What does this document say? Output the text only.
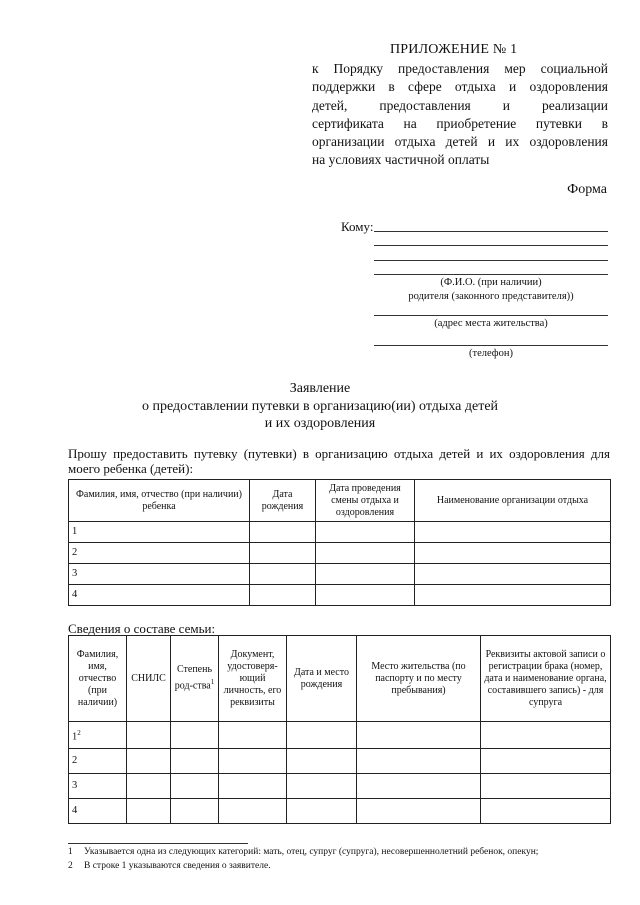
ПРИЛОЖЕНИЕ № 1
к Порядку предоставления мер социальной
поддержки в сфере отдыха и оздоровления
детей, предоставления и реализации
сертификата на приобретение путевки в
организации отдыха детей и их оздоровления
на условиях частичной оплаты
Форма
Кому:
(Ф.И.О. (при наличии)
родителя (законного представителя))
(адрес места жительства)
(телефон)
Заявление
о предоставлении путевки в организацию(ии) отдыха детей
и их оздоровления
Прошу предоставить путевку (путевки) в организацию отдыха детей и их оздоровления для
моего ребенка (детей):
Фамилия, имя, отчество (при наличии) ребенка	Дата рождения	Дата проведения смены отдыха и оздоровления	Наименование организации отдыха
1			
2			
3			
4			
Сведения о составе семьи:
Фамилия, имя, отчество (при наличии)	СНИЛС	Степень род-ства$^1$	Документ, удостоверя-ющий личность, его реквизиты	Дата и место рождения	Место жительства (по паспорту и по месту пребывания)	Реквизиты актовой записи о регистрации брака (номер, дата и наименование органа, составившего запись) - для супруга
$1^2$						
2						
3						
4						
1 Указывается одна из следующих категорий: мать, отец, супруг (супруга), несовершеннолетний ребенок, опекун;
2 В строке 1 указываются сведения о заявителе.
